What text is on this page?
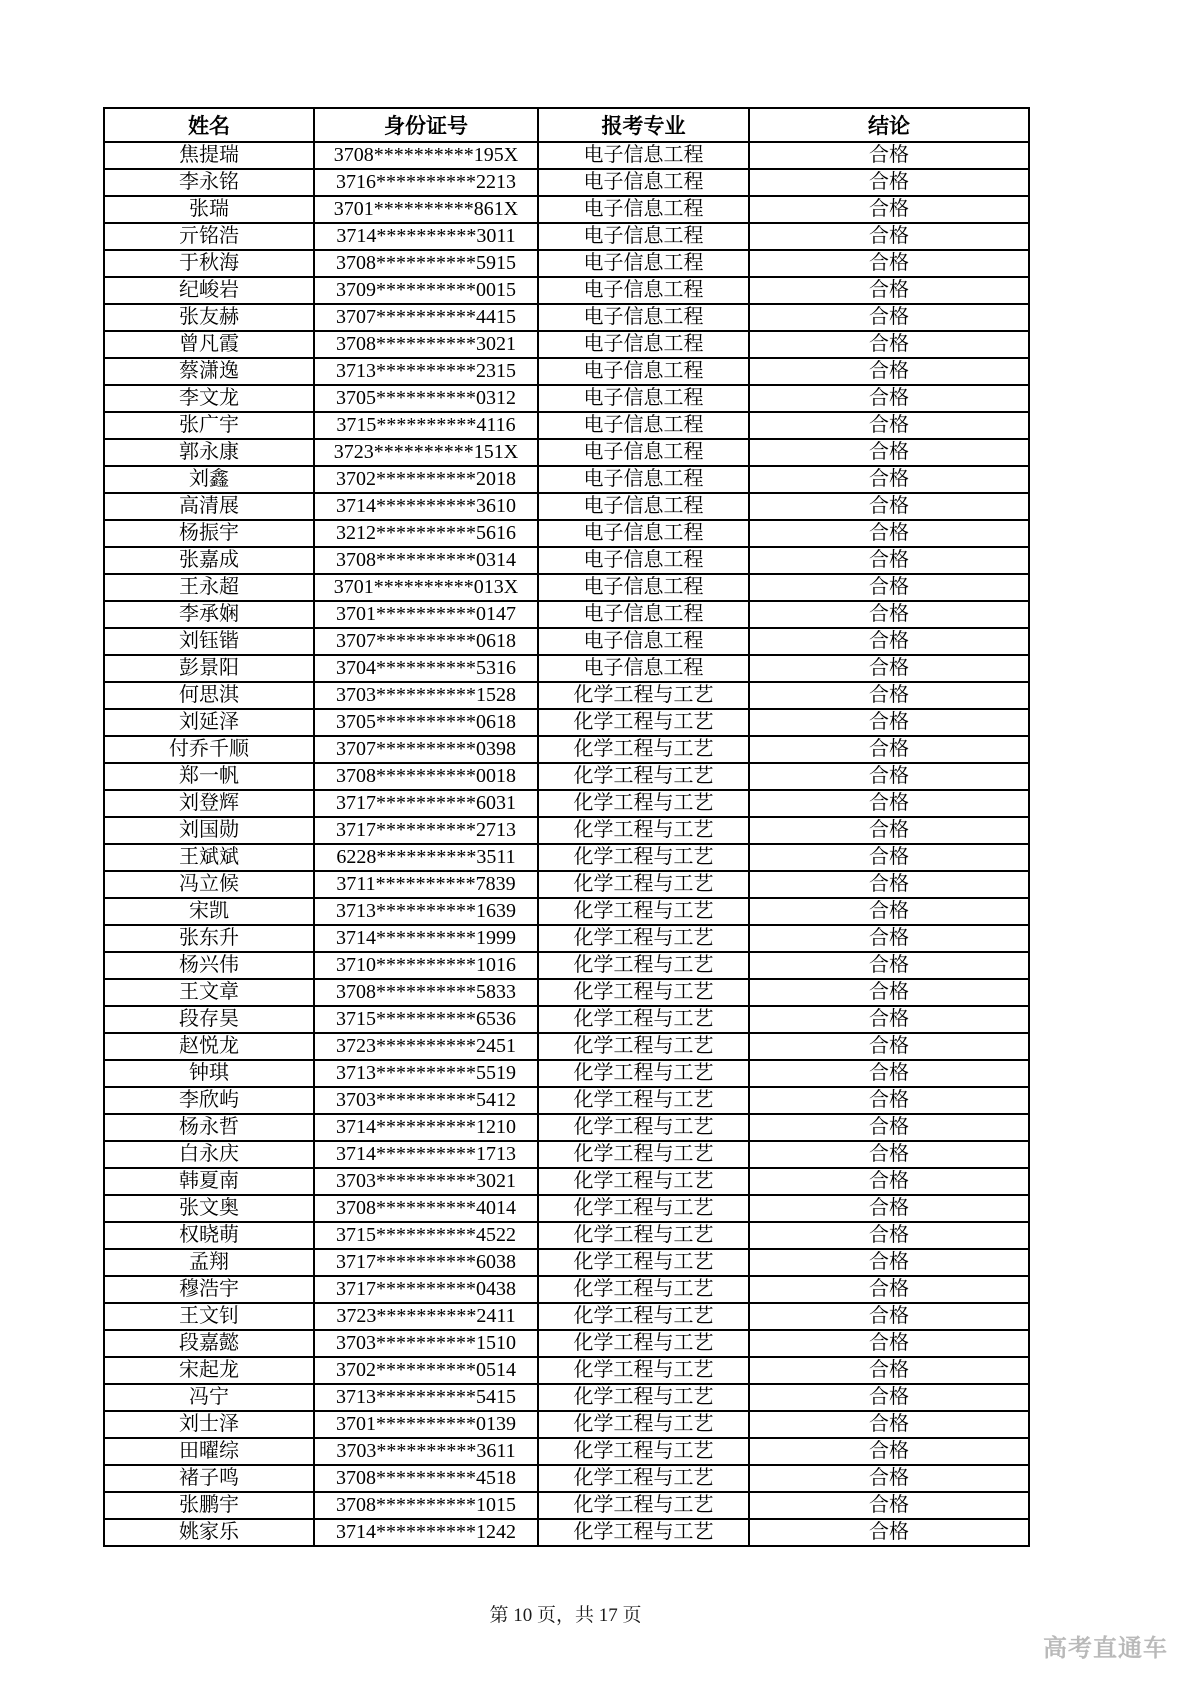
姓名	身份证号	报考专业	结论
焦提瑞	3708**********195X	电子信息工程	合格
李永铭	3716**********2213	电子信息工程	合格
张瑞	3701**********861X	电子信息工程	合格
亓铭浩	3714**********3011	电子信息工程	合格
于秋海	3708**********5915	电子信息工程	合格
纪峻岩	3709**********0015	电子信息工程	合格
张友赫	3707**********4415	电子信息工程	合格
曾凡霞	3708**********3021	电子信息工程	合格
蔡潇逸	3713**********2315	电子信息工程	合格
李文龙	3705**********0312	电子信息工程	合格
张广宇	3715**********4116	电子信息工程	合格
郭永康	3723**********151X	电子信息工程	合格
刘鑫	3702**********2018	电子信息工程	合格
高清展	3714**********3610	电子信息工程	合格
杨振宇	3212**********5616	电子信息工程	合格
张嘉成	3708**********0314	电子信息工程	合格
王永超	3701**********013X	电子信息工程	合格
李承娴	3701**********0147	电子信息工程	合格
刘钰锴	3707**********0618	电子信息工程	合格
彭景阳	3704**********5316	电子信息工程	合格
何思淇	3703**********1528	化学工程与工艺	合格
刘延泽	3705**********0618	化学工程与工艺	合格
付乔千顺	3707**********0398	化学工程与工艺	合格
郑一帆	3708**********0018	化学工程与工艺	合格
刘登辉	3717**********6031	化学工程与工艺	合格
刘国勋	3717**********2713	化学工程与工艺	合格
王斌斌	6228**********3511	化学工程与工艺	合格
冯立候	3711**********7839	化学工程与工艺	合格
宋凯	3713**********1639	化学工程与工艺	合格
张东升	3714**********1999	化学工程与工艺	合格
杨兴伟	3710**********1016	化学工程与工艺	合格
王文章	3708**********5833	化学工程与工艺	合格
段存昊	3715**********6536	化学工程与工艺	合格
赵悦龙	3723**********2451	化学工程与工艺	合格
钟琪	3713**********5519	化学工程与工艺	合格
李欣屿	3703**********5412	化学工程与工艺	合格
杨永哲	3714**********1210	化学工程与工艺	合格
白永庆	3714**********1713	化学工程与工艺	合格
韩夏南	3703**********3021	化学工程与工艺	合格
张文奥	3708**********4014	化学工程与工艺	合格
权晓萌	3715**********4522	化学工程与工艺	合格
孟翔	3717**********6038	化学工程与工艺	合格
穆浩宇	3717**********0438	化学工程与工艺	合格
王文钊	3723**********2411	化学工程与工艺	合格
段嘉懿	3703**********1510	化学工程与工艺	合格
宋起龙	3702**********0514	化学工程与工艺	合格
冯宁	3713**********5415	化学工程与工艺	合格
刘士泽	3701**********0139	化学工程与工艺	合格
田曜综	3703**********3611	化学工程与工艺	合格
褚子鸣	3708**********4518	化学工程与工艺	合格
张鹏宇	3708**********1015	化学工程与工艺	合格
姚家乐	3714**********1242	化学工程与工艺	合格
第 10 页，共 17 页
高考直通车
